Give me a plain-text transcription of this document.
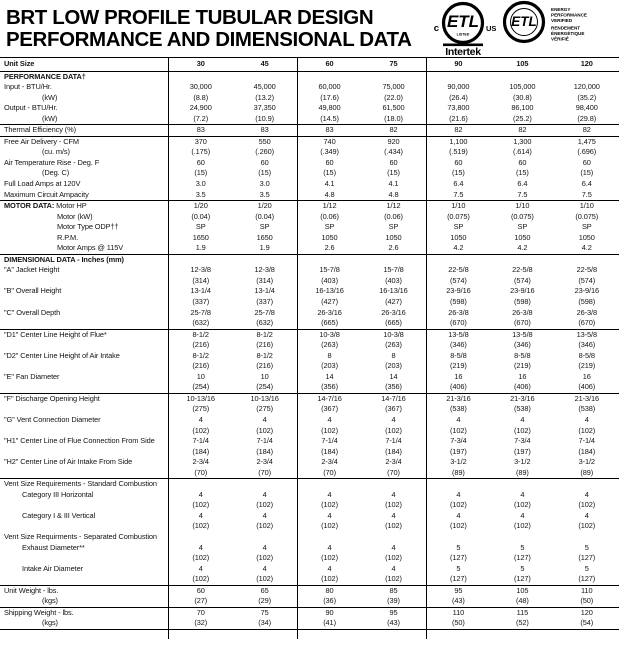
BRT LOW PROFILE TUBULAR DESIGN
PERFORMANCE AND DIMENSIONAL DATA
ETL
LISTED
c	US
Intertek
ETL
ENERGY
PERFORMANCE
VERIFIED
RENDEMENT
ÉNERGÉTIQUE
VÉRIFIÉ
Unit Size	30	45	60	75	90	105	120
PERFORMANCE DATA†
Input - BTU/Hr.	30,000	45,000	60,000	75,000	90,000	105,000	120,000
(kW)	(8.8)	(13.2)	(17.6)	(22.0)	(26.4)	(30.8)	(35.2)
Output - BTU/Hr.	24,900	37,350	49,800	61,500	73,800	86,100	98,400
(kW)	(7.2)	(10.9)	(14.5)	(18.0)	(21.6)	(25.2)	(29.8)
Thermal Efficiency (%)	83	83	83	82	82	82	82
Free Air Delivery - CFM	370	550	740	920	1,100	1,300	1,475
(cu. m/s)	(.175)	(.260)	(.349)	(.434)	(.519)	(.614)	(.696)
Air Temperature Rise - Deg. F	60	60	60	60	60	60	60
(Deg. C)	(15)	(15)	(15)	(15)	(15)	(15)	(15)
Full Load Amps at 120V	3.0	3.0	4.1	4.1	6.4	6.4	6.4
Maximum Circuit Ampacity	3.5	3.5	4.8	4.8	7.5	7.5	7.5
MOTOR DATA: Motor HP	1/20	1/20	1/12	1/12	1/10	1/10	1/10
Motor (kW)	(0.04)	(0.04)	(0.06)	(0.06)	(0.075)	(0.075)	(0.075)
Motor Type ODP††	SP	SP	SP	SP	SP	SP	SP
R.P.M.	1650	1650	1050	1050	1050	1050	1050
Motor Amps @ 115V	1.9	1.9	2.6	2.6	4.2	4.2	4.2
DIMENSIONAL DATA - Inches (mm)
"A" Jacket Height	12-3/8	12-3/8	15-7/8	15-7/8	22-5/8	22-5/8	22-5/8
(314)	(314)	(403)	(403)	(574)	(574)	(574)
"B" Overall Height	13-1/4	13-1/4	16-13/16	16-13/16	23-9/16	23-9/16	23-9/16
(337)	(337)	(427)	(427)	(598)	(598)	(598)
"C" Overall Depth	25-7/8	25-7/8	26-3/16	26-3/16	26-3/8	26-3/8	26-3/8
(632)	(632)	(665)	(665)	(670)	(670)	(670)
"D1" Center Line Height of Flue*	8-1/2	8-1/2	10-3/8	10-3/8	13-5/8	13-5/8	13-5/8
(216)	(216)	(263)	(263)	(346)	(346)	(346)
"D2" Center Line Height of Air Intake	8-1/2	8-1/2	8	8	8-5/8	8-5/8	8-5/8
(216)	(216)	(203)	(203)	(219)	(219)	(219)
"E" Fan Diameter	10	10	14	14	16	16	16
(254)	(254)	(356)	(356)	(406)	(406)	(406)
"F" Discharge Opening Height	10-13/16	10-13/16	14-7/16	14-7/16	21-3/16	21-3/16	21-3/16
(275)	(275)	(367)	(367)	(538)	(538)	(538)
"G" Vent Connection Diameter	4	4	4	4	4	4	4
(102)	(102)	(102)	(102)	(102)	(102)	(102)
"H1" Center Line of Flue Connection From Side	7-1/4	7-1/4	7-1/4	7-1/4	7-3/4	7-3/4	7-1/4
(184)	(184)	(184)	(184)	(197)	(197)	(184)
"H2" Center Line of Air Intake From Side	2-3/4	2-3/4	2-3/4	2-3/4	3-1/2	3-1/2	3-1/2
(70)	(70)	(70)	(70)	(89)	(89)	(89)
Vent Size Requirements - Standard Combustion
Category III Horizontal	4	4	4	4	4	4	4
(102)	(102)	(102)	(102)	(102)	(102)	(102)
Category I & III Vertical	4	4	4	4	4	4	4
(102)	(102)	(102)	(102)	(102)	(102)	(102)
Vent Size Requirments - Separated Combustion
Exhaust Diameter**	4	4	4	4	5	5	5
(102)	(102)	(102)	(102)	(127)	(127)	(127)
Intake Air Diameter	4	4	4	4	5	5	5
(102)	(102)	(102)	(102)	(127)	(127)	(127)
Unit Weight - lbs.	60	65	80	85	95	105	110
(kgs)	(27)	(29)	(36)	(39)	(43)	(48)	(50)
Shipping Weight - lbs.	70	75	90	95	110	115	120
(kgs)	(32)	(34)	(41)	(43)	(50)	(52)	(54)
